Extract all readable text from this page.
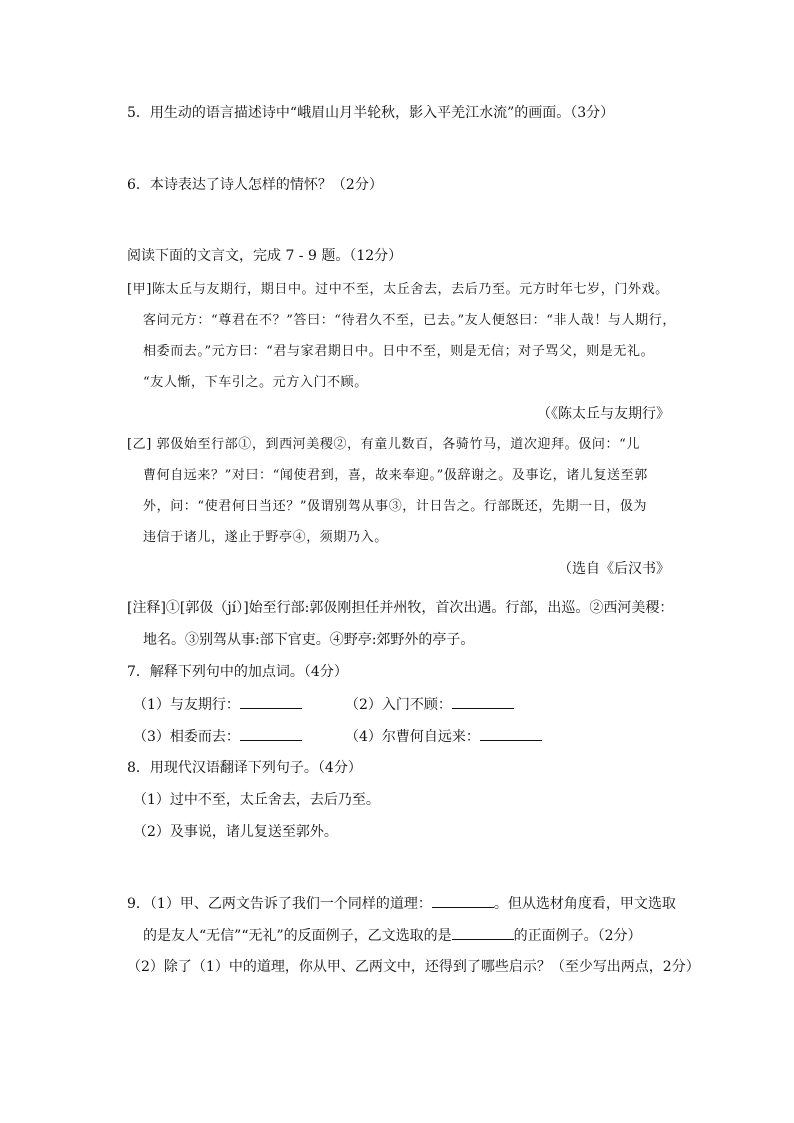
5．用生动的语言描述诗中“峨眉山月半轮秋，影入平羌江水流”的画面。（3分）
6．本诗表达了诗人怎样的情怀？（2分）
阅读下面的文言文，完成 7 - 9 题。（12分）
[甲]陈太丘与友期行，期日中。过中不至，太丘舍去，去后乃至。元方时年七岁，门外戏。
客问元方：“尊君在不？”答曰：“待君久不至，已去。”友人便怒曰：“非人哉！与人期行，
相委而去。”元方曰：“君与家君期日中。日中不至，则是无信；对子骂父，则是无礼。
“友人惭，下车引之。元方入门不顾。
（《陈太丘与友期行》
[乙] 郭伋始至行部①，到西河美稷②，有童儿数百，各骑竹马，道次迎拜。伋问：“儿
曹何自远来？”对曰：“闻使君到，喜，故来奉迎。”伋辞谢之。及事讫，诸儿复送至郭
外，问：“使君何日当还？”伋谓别驾从事③，计日告之。行部既还，先期一日，伋为
违信于诸儿，遂止于野亭④，须期乃入。
（选自《后汉书》
[注释]①[郭伋（jí）]始至行部:郭伋刚担任并州牧，首次出遇。行部，出巡。②西河美稷：
地名。③别驾从事:部下官吏。④野亭:郊野外的亭子。
7．解释下列句中的加点词。（4分）
（1）与友期行：	（2）入门不顾：
（3）相委而去：	（4）尔曹何自远来：
8．用现代汉语翻译下列句子。（4分）
（1）过中不至，太丘舍去，去后乃至。
（2）及事说，诸儿复送至郭外。
9．（1）甲、乙两文告诉了我们一个同样的道理：	。但从选材角度看，甲文选取
的是友人“无信”“无礼”的反面例子，乙文选取的是	的正面例子。（2分）
（2）除了（1）中的道理，你从甲、乙两文中，还得到了哪些启示？（至少写出两点，2分）
